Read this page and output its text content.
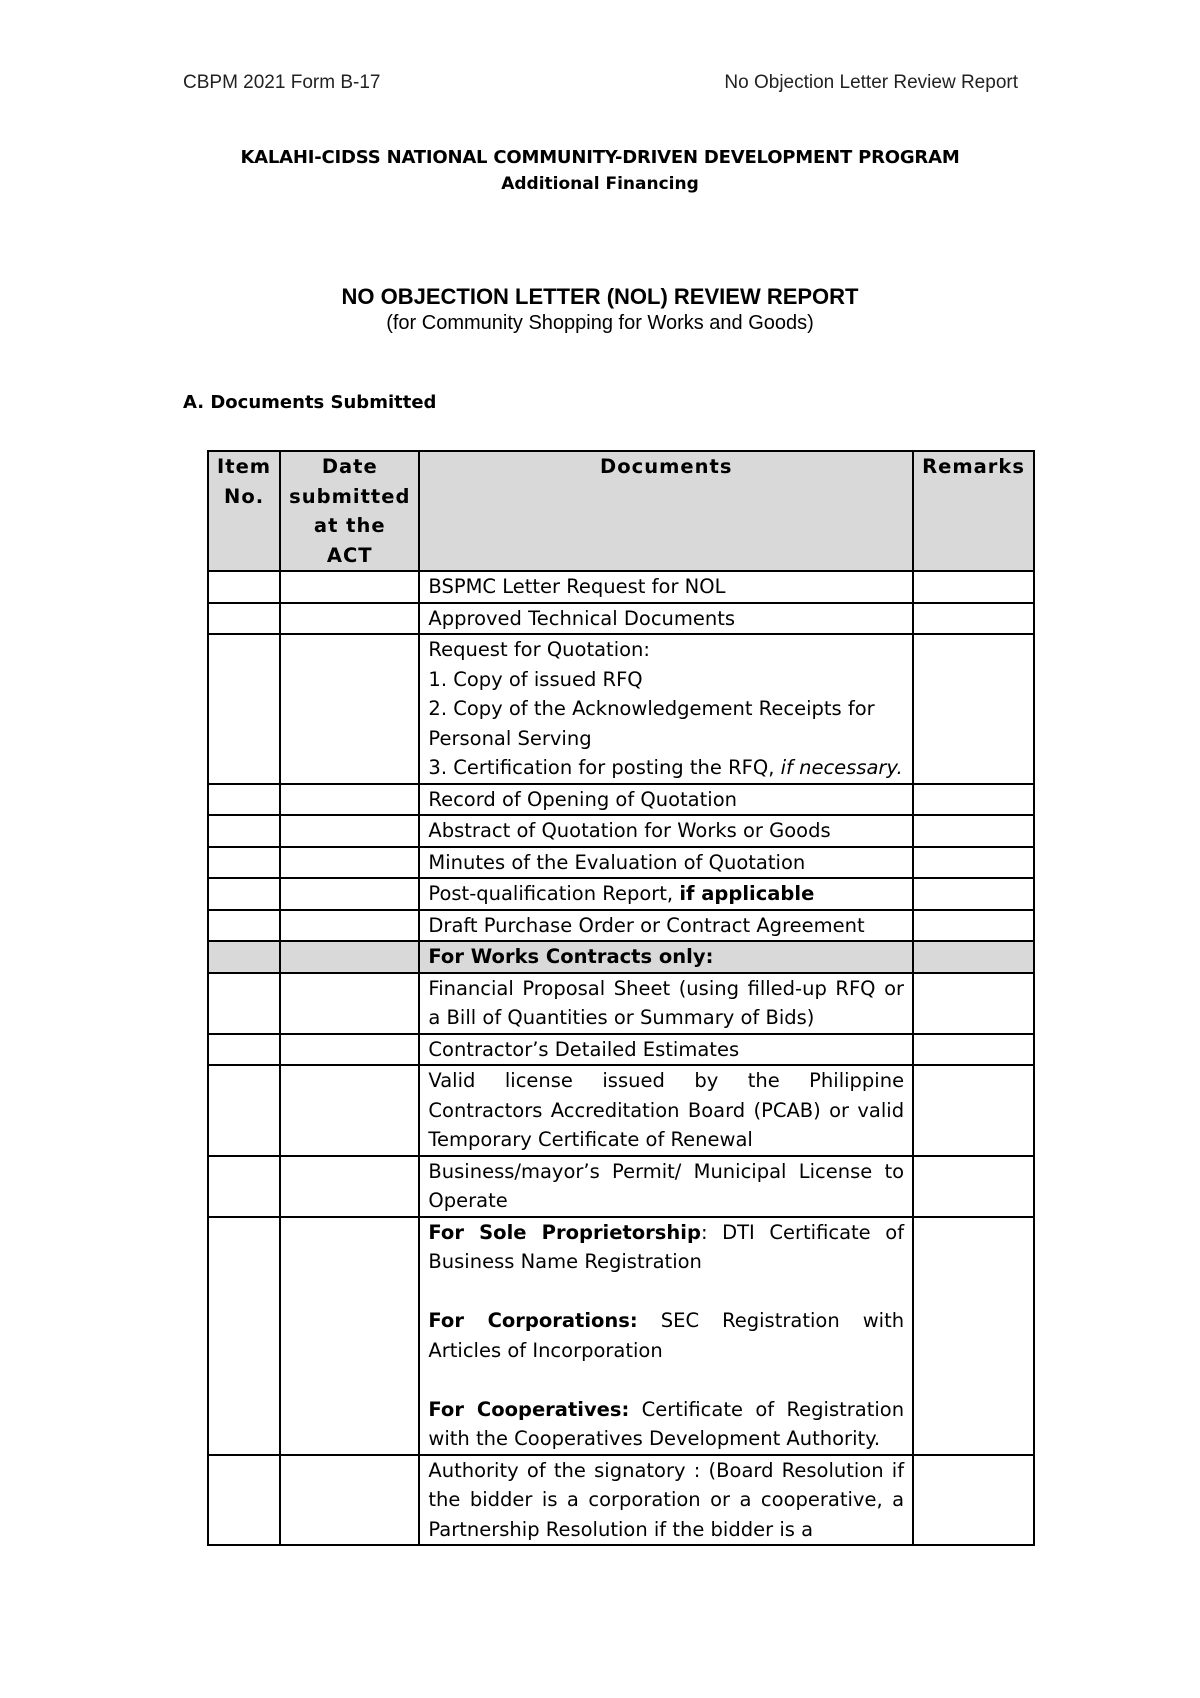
CBPM 2021 Form B-17	No Objection Letter Review Report
KALAHI-CIDSS NATIONAL COMMUNITY-DRIVEN DEVELOPMENT PROGRAM
Additional Financing
NO OBJECTION LETTER (NOL) REVIEW REPORT
(for Community Shopping for Works and Goods)
A. Documents Submitted
Item No.	Date submitted at the ACT	Documents	Remarks
		BSPMC Letter Request for NOL	
		Approved Technical Documents	

		Request for Quotation:
1. Copy of issued RFQ
2. Copy of the Acknowledgement Receipts for Personal Serving
3. Certification for posting the RFQ, if necessary.	

		Record of Opening of Quotation	
		Abstract of Quotation for Works or Goods	
		Minutes of the Evaluation of Quotation	
		Post-qualification Report, if applicable	
		Draft Purchase Order or Contract Agreement	
		For Works Contracts only:	
		Financial Proposal Sheet (using filled-up RFQ or a Bill of Quantities or Summary of Bids)	
		Contractor’s Detailed Estimates	
		Valid license issued by the Philippine Contractors Accreditation Board (PCAB) or valid Temporary Certificate of Renewal	
		Business/mayor’s Permit/ Municipal License to Operate	

		For Sole Proprietorship: DTI Certificate of Business Name Registration
For Corporations: SEC Registration with Articles of Incorporation
For Cooperatives: Certificate of Registration with the Cooperatives Development Authority.	

		Authority of the signatory : (Board Resolution if the bidder is a corporation or a cooperative, a Partnership Resolution if the bidder is a	
